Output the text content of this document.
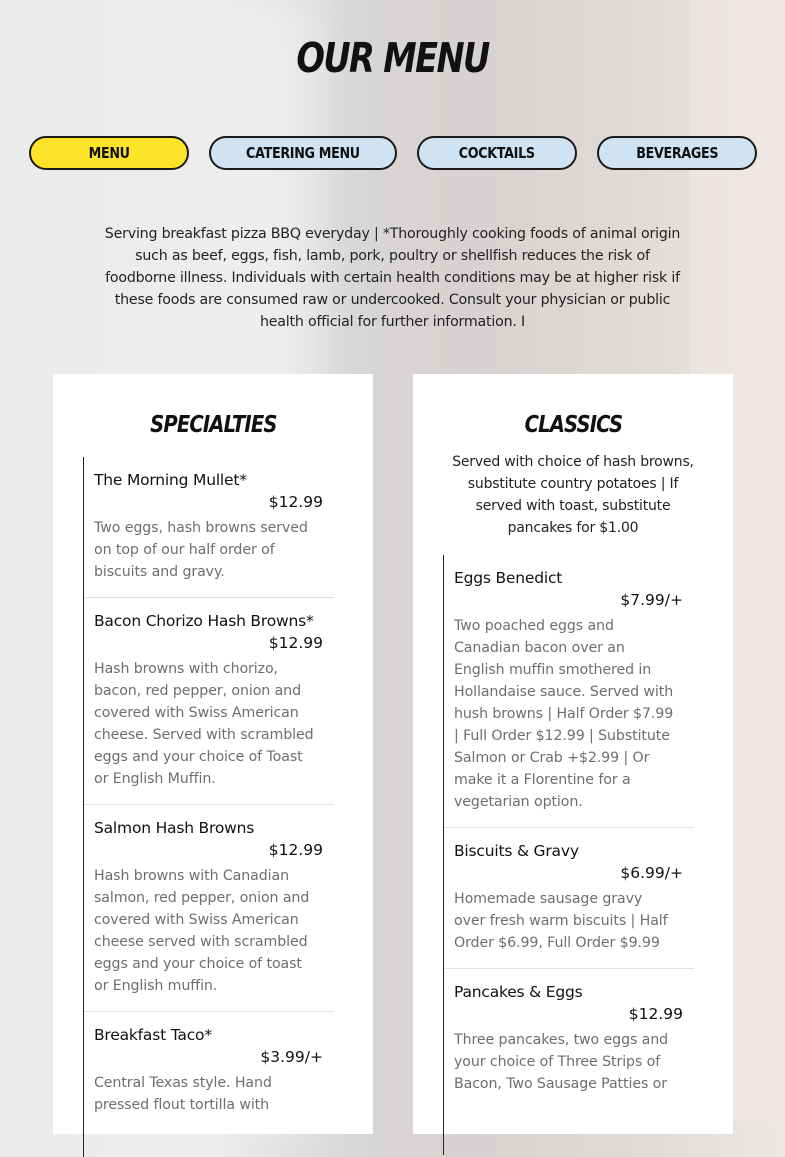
OUR MENU
MENU	CATERING MENU	COCKTAILS	BEVERAGES
Serving breakfast pizza BBQ everyday | *Thoroughly cooking foods of animal origin such as beef, eggs, fish, lamb, pork, poultry or shellfish reduces the risk of foodborne illness. Individuals with certain health conditions may be at higher risk if these foods are consumed raw or undercooked. Consult your physician or public health official for further information. I
SPECIALTIES
The Morning Mullet*
$12.99
Two eggs, hash browns served on top of our half order of biscuits and gravy.
Bacon Chorizo Hash Browns*
$12.99
Hash browns with chorizo, bacon, red pepper, onion and covered with Swiss American cheese. Served with scrambled eggs and your choice of Toast or English Muffin.
Salmon Hash Browns
$12.99
Hash browns with Canadian salmon, red pepper, onion and covered with Swiss American cheese served with scrambled eggs and your choice of toast or English muffin.
Breakfast Taco*
$3.99/+
Central Texas style. Hand pressed flout tortilla with
CLASSICS
Served with choice of hash browns, substitute country potatoes | If served with toast, substitute pancakes for $1.00
Eggs Benedict
$7.99/+
Two poached eggs and Canadian bacon over an English muffin smothered in Hollandaise sauce. Served with hush browns | Half Order $7.99 | Full Order $12.99 | Substitute Salmon or Crab +$2.99 | Or make it a Florentine for a vegetarian option.
Biscuits & Gravy
$6.99/+
Homemade sausage gravy over fresh warm biscuits | Half Order $6.99, Full Order $9.99
Pancakes & Eggs
$12.99
Three pancakes, two eggs and your choice of Three Strips of Bacon, Two Sausage Patties or
